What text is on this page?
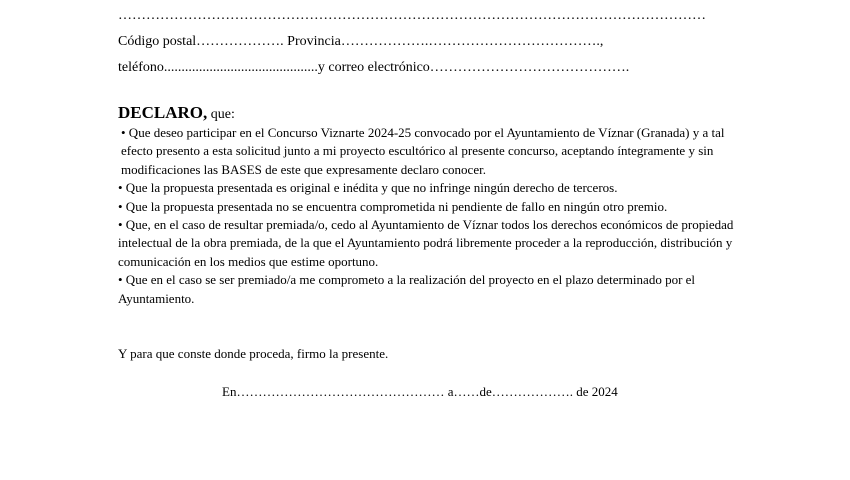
………………………………………………………………………………………………………………
Código postal………………. Provincia……………….……………………………….,
teléfono............................................y correo electrónico…………………………………….
DECLARO, que:

• Que deseo participar en el Concurso Viznarte 2024-25 convocado por el Ayuntamiento de Víznar (Granada) y a tal efecto presento a esta solicitud junto a mi proyecto escultórico al presente concurso, aceptando íntegramente y sin modificaciones las BASES de este que expresamente declaro conocer.

• Que la propuesta presentada es original e inédita y que no infringe ningún derecho de terceros.

• Que la propuesta presentada no se encuentra comprometida ni pendiente de fallo en ningún otro premio.

• Que, en el caso de resultar premiada/o, cedo al Ayuntamiento de Víznar todos los derechos económicos de propiedad intelectual de la obra premiada, de la que el Ayuntamiento podrá libremente proceder a la reproducción, distribución y comunicación en los medios que estime oportuno.

• Que en el caso se ser premiado/a me comprometo a la realización del proyecto en el plazo determinado por el Ayuntamiento.

Y para que conste donde proceda, firmo la presente.
En………………………………………… a……de………………. de 2024
